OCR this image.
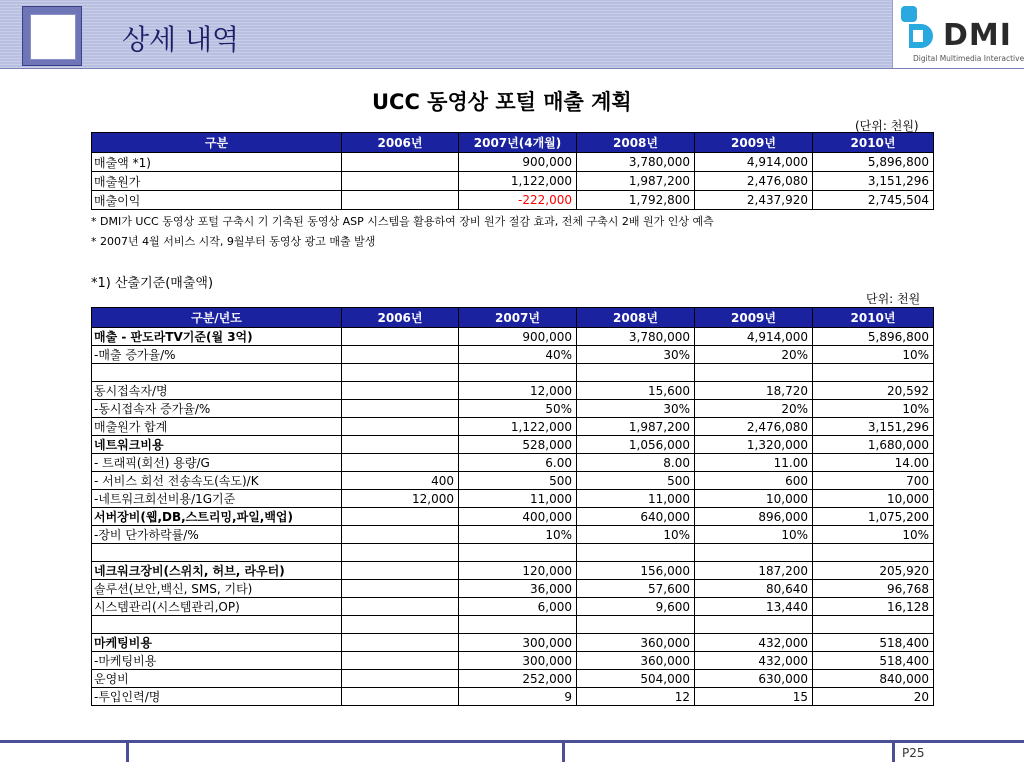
상세 내역	DMI
Digital Multimedia Interactive
UCC 동영상 포털 매출 계획
(단위: 천원)
구분	2006년	2007년(4개월)	2008년	2009년	2010년
매출액 *1)		900,000	3,780,000	4,914,000	5,896,800
매출원가		1,122,000	1,987,200	2,476,080	3,151,296
매출이익		-222,000	1,792,800	2,437,920	2,745,504
* DMI가 UCC 동영상 포털 구축시 기 기축된 동영상 ASP 시스템을 활용하여 장비 원가 절감 효과, 전체 구축시 2배 원가 인상 예측
* 2007년 4월 서비스 시작, 9월부터 동영상 광고 매출 발생
*1) 산출기준(매출액)
단위: 천원
구분/년도	2006년	2007년	2008년	2009년	2010년
매출 - 판도라TV기준(월 3억)		900,000	3,780,000	4,914,000	5,896,800
-매출 증가율/%		40%	30%	20%	10%

동시접속자/명		12,000	15,600	18,720	20,592
-동시접속자 증가율/%		50%	30%	20%	10%
매출원가 합계		1,122,000	1,987,200	2,476,080	3,151,296
네트워크비용		528,000	1,056,000	1,320,000	1,680,000
- 트래픽(회선) 용량/G		6.00	8.00	11.00	14.00
- 서비스 회선 전송속도(속도)/K	400	500	500	600	700
-네트워크회선비용/1G기준	12,000	11,000	11,000	10,000	10,000
서버장비(웹,DB,스트리밍,파일,백업)		400,000	640,000	896,000	1,075,200
-장비 단가하락률/%		10%	10%	10%	10%

네크워크장비(스위치, 허브, 라우터)		120,000	156,000	187,200	205,920
솔루션(보안,백신, SMS, 기타)		36,000	57,600	80,640	96,768
시스템관리(시스템관리,OP)		6,000	9,600	13,440	16,128

마케팅비용		300,000	360,000	432,000	518,400
-마케팅비용		300,000	360,000	432,000	518,400
운영비		252,000	504,000	630,000	840,000
-투입인력/명		9	12	15	20
P25
